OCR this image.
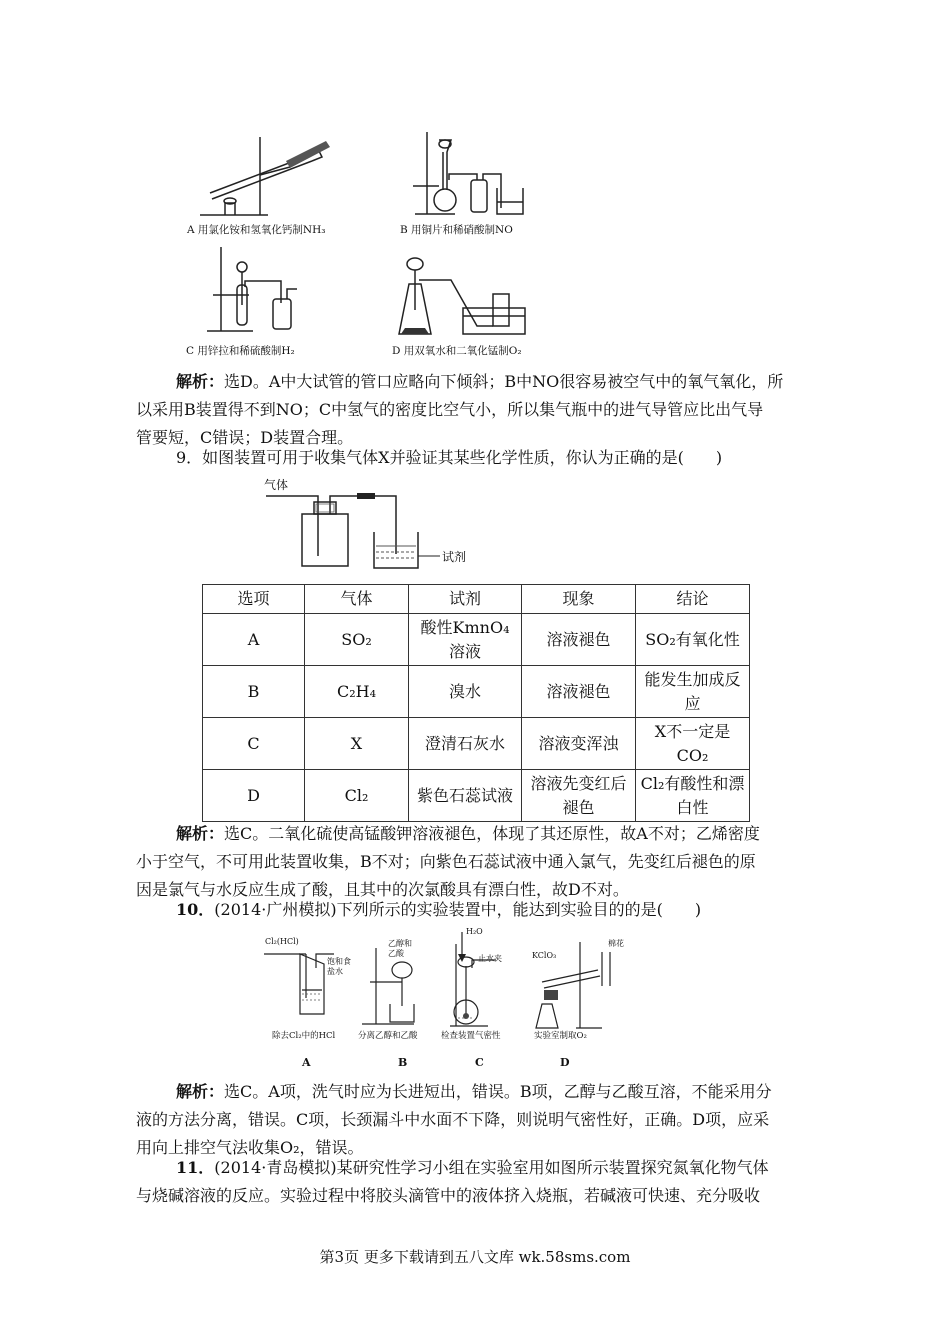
A 用氯化铵和氢氧化钙制NH₃	B 用铜片和稀硝酸制NO
C 用锌拉和稀硫酸制H₂	D 用双氧水和二氧化锰制O₂
解析：选D。A中大试管的管口应略向下倾斜；B中NO很容易被空气中的氧气氧化，所
以采用B装置得不到NO；C中氢气的密度比空气小，所以集气瓶中的进气导管应比出气导
管要短，C错误；D装置合理。
9．如图装置可用于收集气体X并验证其某些化学性质，你认为正确的是(　　)
气体
试剂
选项	气体	试剂	现象	结论
A	SO₂	酸性KmnO₄溶液	溶液褪色	SO₂有氧化性
B	C₂H₄	溴水	溶液褪色	能发生加成反应
C	X	澄清石灰水	溶液变浑浊	X不一定是CO₂
D	Cl₂	紫色石蕊试液	溶液先变红后褪色	Cl₂有酸性和漂白性
解析：选C。二氧化硫使高锰酸钾溶液褪色，体现了其还原性，故A不对；乙烯密度
小于空气，不可用此装置收集，B不对；向紫色石蕊试液中通入氯气，先变红后褪色的原
因是氯气与水反应生成了酸，且其中的次氯酸具有漂白性，故D不对。
10．(2014·广州模拟)下列所示的实验装置中，能达到实验目的的是(　　)
Cl₂(HCl)
饱和食盐水
除去Cl₂中的HCl
乙醇和乙酸
分离乙醇和乙酸
H₂O
止水夹
检查装置气密性
KClO₃
棉花
实验室制取O₂
A	B	C	D
解析：选C。A项，洗气时应为长进短出，错误。B项，乙醇与乙酸互溶，不能采用分
液的方法分离，错误。C项，长颈漏斗中水面不下降，则说明气密性好，正确。D项，应采
用向上排空气法收集O₂，错误。
11．(2014·青岛模拟)某研究性学习小组在实验室用如图所示装置探究氮氧化物气体
与烧碱溶液的反应。实验过程中将胶头滴管中的液体挤入烧瓶，若碱液可快速、充分吸收
第3页 更多下载请到五八文库 wk.58sms.com
